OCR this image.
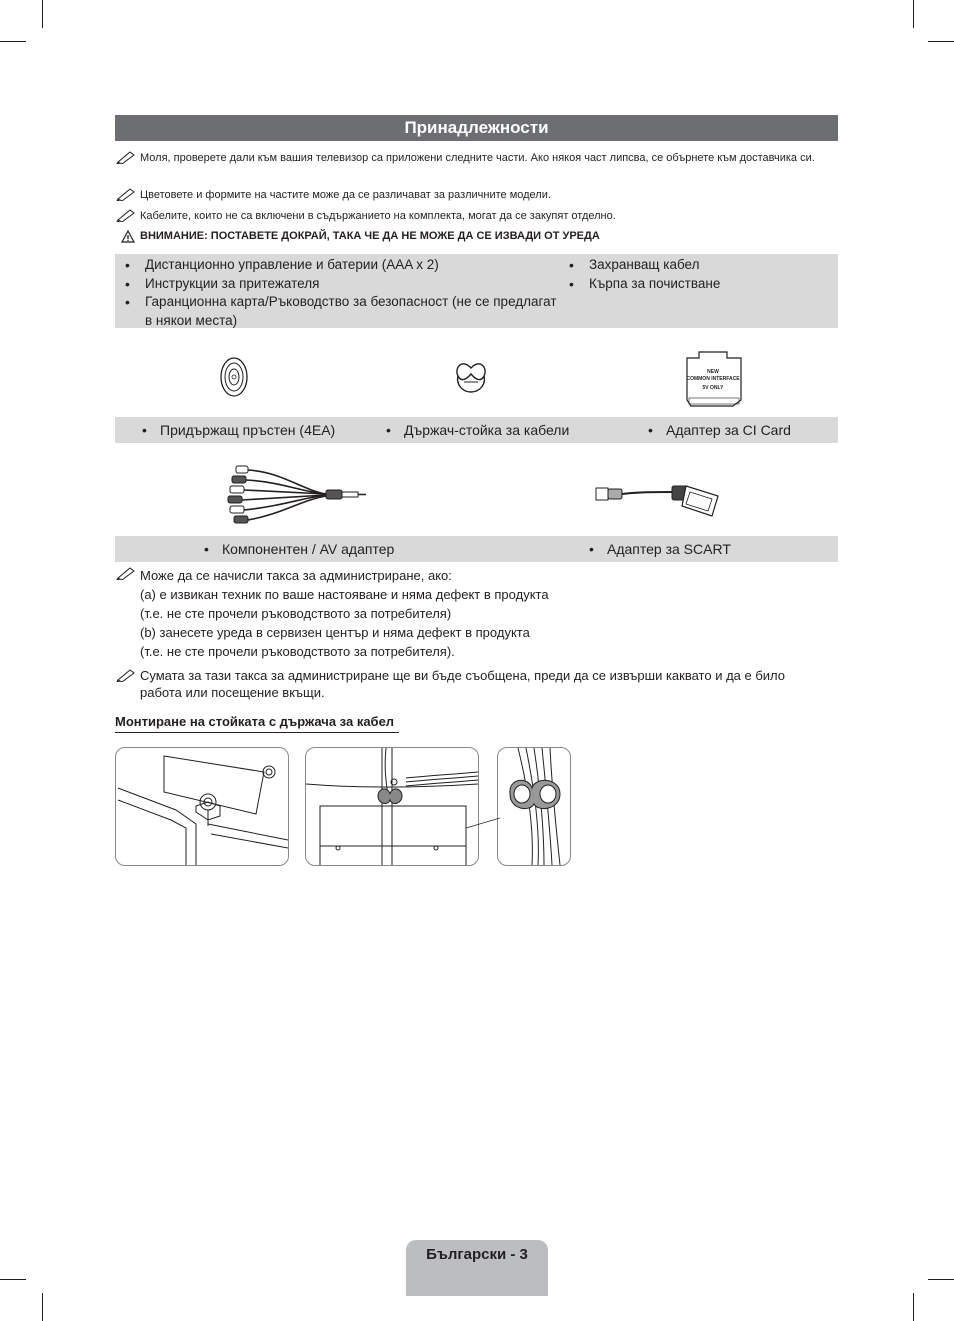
Принадлежности
Моля, проверете дали към вашия телевизор са приложени следните части. Ако някоя част липсва, се обърнете към доставчика си.
Цветовете и формите на частите може да се различават за различните модели.
Кабелите, които не са включени в съдържанието на комплекта, могат да се закупят отделно.
ВНИМАНИЕ: ПОСТАВЕТЕ ДОКРАЙ, ТАКА ЧЕ ДА НЕ МОЖЕ ДА СЕ ИЗВАДИ ОТ УРЕДА
• Дистанционно управление и батерии (AAA x 2)
• Инструкции за притежателя
• Гаранционна карта/Ръководство за безопасност (не се предлагат в някои места)
• Захранващ кабел
• Кърпа за почистване
NEW
COMMON INTERFACE
5V ONLY
• Придържащ пръстен (4EA)	• Държач-стойка за кабели	• Адаптер за CI Card
• Компонентен / AV адаптер	• Адаптер за SCART
Може да се начисли такса за администриране, ако:
(a) е извикан техник по ваше настояване и няма дефект в продукта
(т.е. не сте прочели ръководството за потребителя)
(b) занесете уреда в сервизен център и няма дефект в продукта
(т.е. не сте прочели ръководството за потребителя).
Сумата за тази такса за администриране ще ви бъде съобщена, преди да се извърши каквато и да е било работа или посещение вкъщи.
Монтиране на стойката с държача за кабел
Български - 3
